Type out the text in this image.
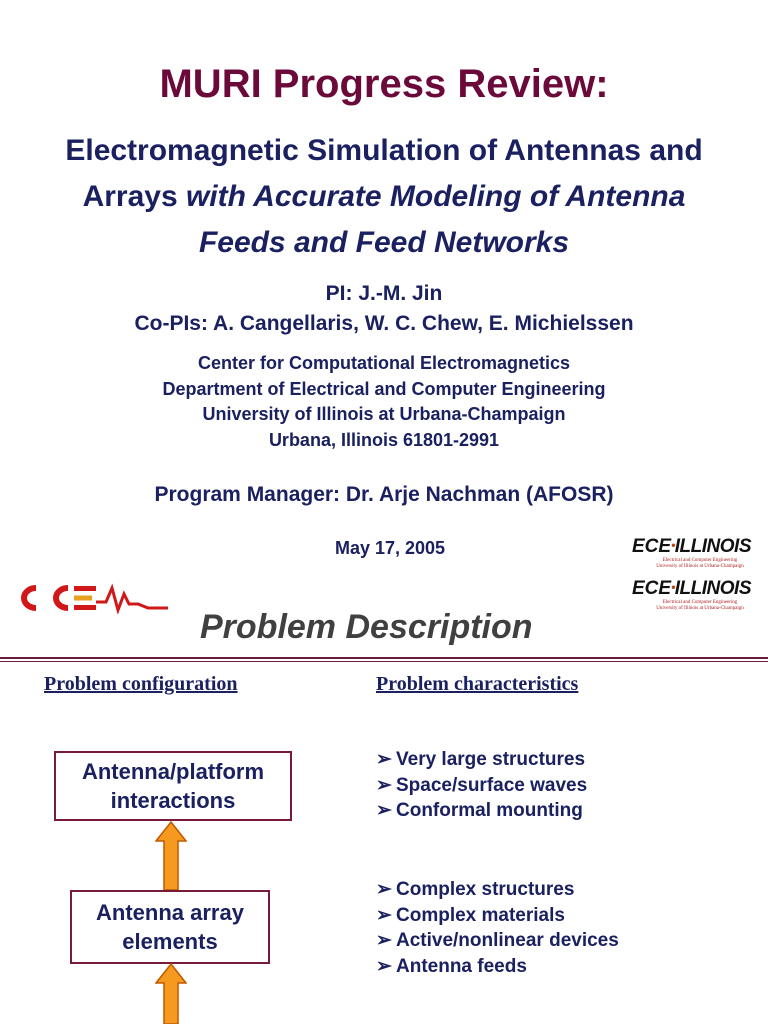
MURI Progress Review:
Electromagnetic Simulation of Antennas and
Arrays with Accurate Modeling of Antenna
Feeds and Feed Networks
PI: J.-M. Jin
Co-PIs: A. Cangellaris, W. C. Chew, E. Michielssen
Center for Computational Electromagnetics
Department of Electrical and Computer Engineering
University of Illinois at Urbana-Champaign
Urbana, Illinois 61801-2991
Program Manager: Dr. Arje Nachman (AFOSR)
May 17, 2005	ECE•ILLINOIS
Electrical and Computer Engineering
University of Illinois at Urbana-Champaign
ECE•ILLINOIS
Electrical and Computer Engineering
University of Illinois at Urbana-Champaign
Problem Description
Problem configuration	Problem characteristics
Antenna/platform
interactions
Antenna array
elements
➢ Very large structures
➢ Space/surface waves
➢ Conformal mounting
➢ Complex structures
➢ Complex materials
➢ Active/nonlinear devices
➢ Antenna feeds
